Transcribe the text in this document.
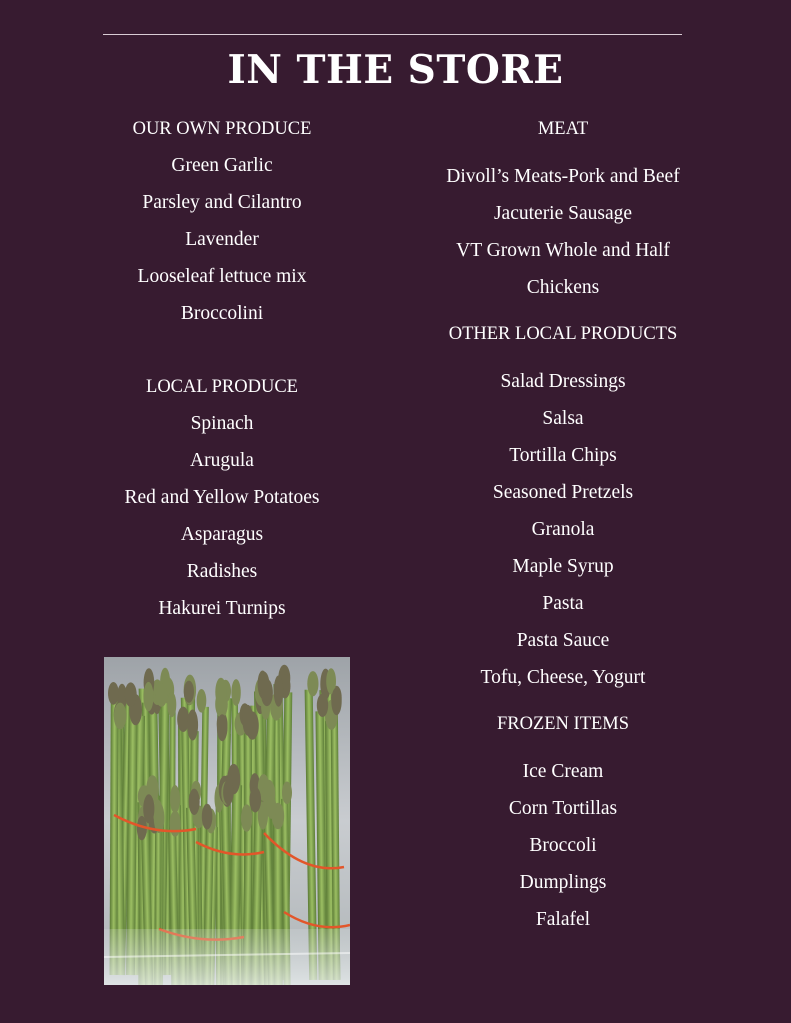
IN THE STORE
OUR OWN PRODUCE
Green Garlic
Parsley and Cilantro
Lavender
Looseleaf lettuce mix
Broccolini
LOCAL PRODUCE
Spinach
Arugula
Red and Yellow Potatoes
Asparagus
Radishes
Hakurei Turnips
MEAT
Divoll’s Meats-Pork and Beef
Jacuterie Sausage
VT Grown Whole and Half
Chickens
OTHER LOCAL PRODUCTS
Salad Dressings
Salsa
Tortilla Chips
Seasoned Pretzels
Granola
Maple Syrup
Pasta
Pasta Sauce
Tofu, Cheese, Yogurt
FROZEN ITEMS
Ice Cream
Corn Tortillas
Broccoli
Dumplings
Falafel
